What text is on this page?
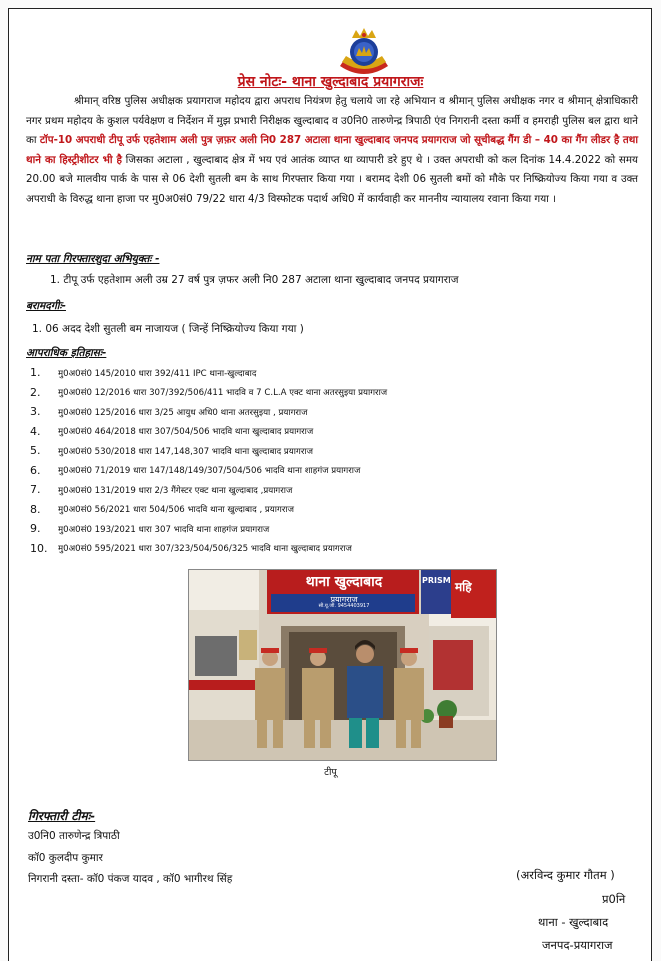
प्रेस नोटः- थाना खुल्दाबाद प्रयागराजः
श्रीमान् वरिष्ठ पुलिस अधीक्षक प्रयागराज महोदय द्वारा अपराध नियंत्रण हेतु चलाये जा रहे अभियान व श्रीमान् पुलिस अधीक्षक नगर व श्रीमान् क्षेत्राधिकारी नगर प्रथम महोदय के कुशल पर्यवेक्षण व निर्देशन में मुझ प्रभारी निरीक्षक खुल्दाबाद व उ0नि0 तारुणेन्द्र त्रिपाठी एंव निगरानी दस्ता कर्मी व हमराही पुलिस बल द्वारा थाने का टॉप-10 अपराधी टीपू उर्फ एहतेशाम अली पुत्र ज़फ़र अली नि0 287 अटाला थाना खुल्दाबाद जनपद प्रयागराज जो सूचीबद्ध गैंग डी – 40 का गैंग लीडर है तथा थाने का हिस्ट्रीशीटर भी है जिसका अटाला , खुल्दाबाद क्षेत्र में भय एवं आतंक व्याप्त था व्यापारी डरे हुए थे । उक्त अपराधी को कल दिनांक 14.4.2022 को समय 20.00 बजे मालवीय पार्क के पास से 06 देशी सुतली बम के साथ गिरफ्तार किया गया । बरामद देशी 06 सुतली बमों को मौके पर निष्क्रियोज्य किया गया व उक्त अपराधी के विरुद्ध थाना हाजा पर मु0अ0सं0 79/22 धारा 4/3 विस्फोटक पदार्थ अधि0 में कार्यवाही कर माननीय न्यायालय रवाना किया गया ।
नाम पता गिरफ्तारशुदा अभियुक्तः -
1. टीपू उर्फ एहतेशाम अली उम्र 27 वर्ष पुत्र ज़फर अली नि0 287 अटाला थाना खुल्दाबाद जनपद प्रयागराज
बरामदगीः-
1. 06 अदद देशी सुतली बम नाजायज ( जिन्हें निष्क्रियोज्य किया गया )
आपराधिक इतिहासः-
1.	मु0अ0सं0 145/2010 धारा 392/411 IPC थाना-खुल्दाबाद
2.	मु0अ0सं0 12/2016 धारा 307/392/506/411 भादवि व 7 C.L.A एक्ट थाना अतरसुइया प्रयागराज
3.	मु0अ0सं0 125/2016 धारा 3/25 आयुध अधि0 थाना अतरसुइया , प्रयागराज
4.	मु0अ0सं0 464/2018 धारा 307/504/506 भादवि थाना खुल्दाबाद प्रयागराज
5.	मु0अ0सं0 530/2018 धारा 147,148,307 भादवि थाना खुल्दाबाद प्रयागराज
6.	मु0अ0सं0 71/2019 धारा 147/148/149/307/504/506 भादवि थाना शाहगंज प्रयागराज
7.	मु0अ0सं0 131/2019 धारा 2/3 गैंगेस्टर एक्ट थाना खुल्दाबाद ,प्रयागराज
8.	मु0अ0सं0 56/2021 धारा 504/506 भादवि थाना खुल्दाबाद , प्रयागराज
9.	मु0अ0सं0 193/2021 धारा 307 भादवि थाना शाहगंज प्रयागराज
10.	मु0अ0सं0 595/2021 धारा 307/323/504/506/325 भादवि थाना खुल्दाबाद प्रयागराज
थाना खुल्दाबाद
प्रयागराज
सी.यू.जी. 9454403917
PRISM महि
टीपू
गिरफ्तारी टीमः-
उ0नि0 तारुणेन्द्र त्रिपाठी
कॉ0 कुलदीप कुमार
निगरानी दस्ता- कॉ0 पंकज यादव , कॉ0 भागीरथ सिंह	(अरविन्द कुमार गौतम )
प्र0नि
थाना - खुल्दाबाद
जनपद-प्रयागराज
